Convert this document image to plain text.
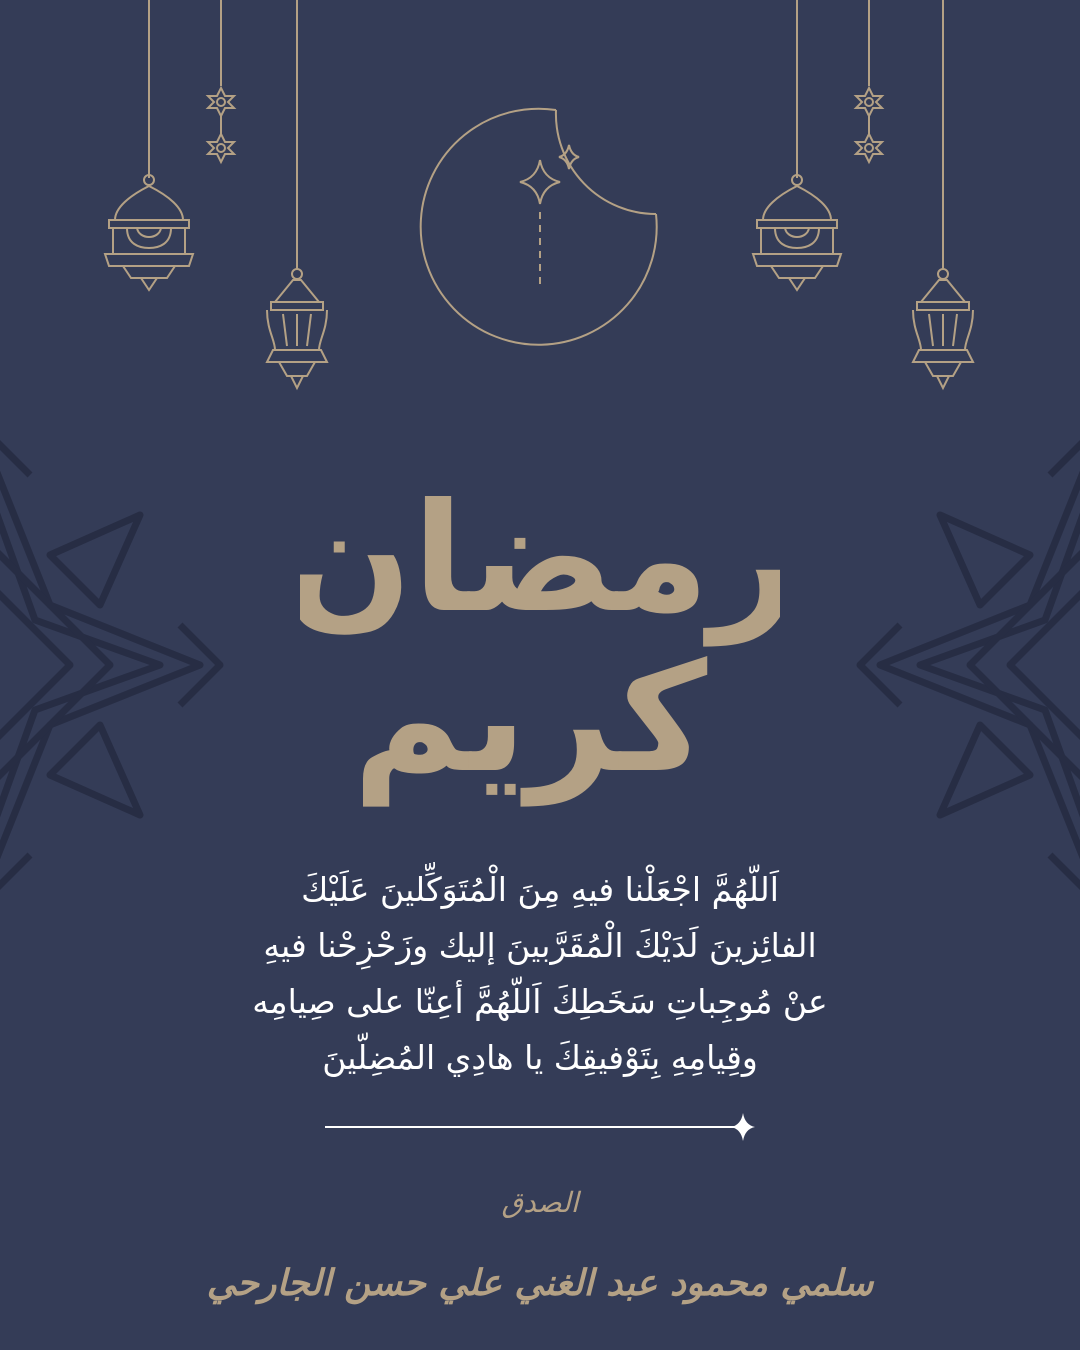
رمضان
كريم
اَللّهُمَّ اجْعَلْنا فيهِ مِنَ الْمُتَوَكِّلينَ عَلَيْكَ
الفائِزينَ لَدَيْكَ الْمُقَرَّبينَ إليك وزَحْزِحْنا فيهِ
عنْ مُوجِباتِ سَخَطِكَ اَللّهُمَّ أعِنّا على صِيامِه
وقِيامِهِ بِتَوْفيقِكَ يا هادِي المُضِلّينَ
الصدق
سلمي محمود عبد الغني علي حسن الجارحي
